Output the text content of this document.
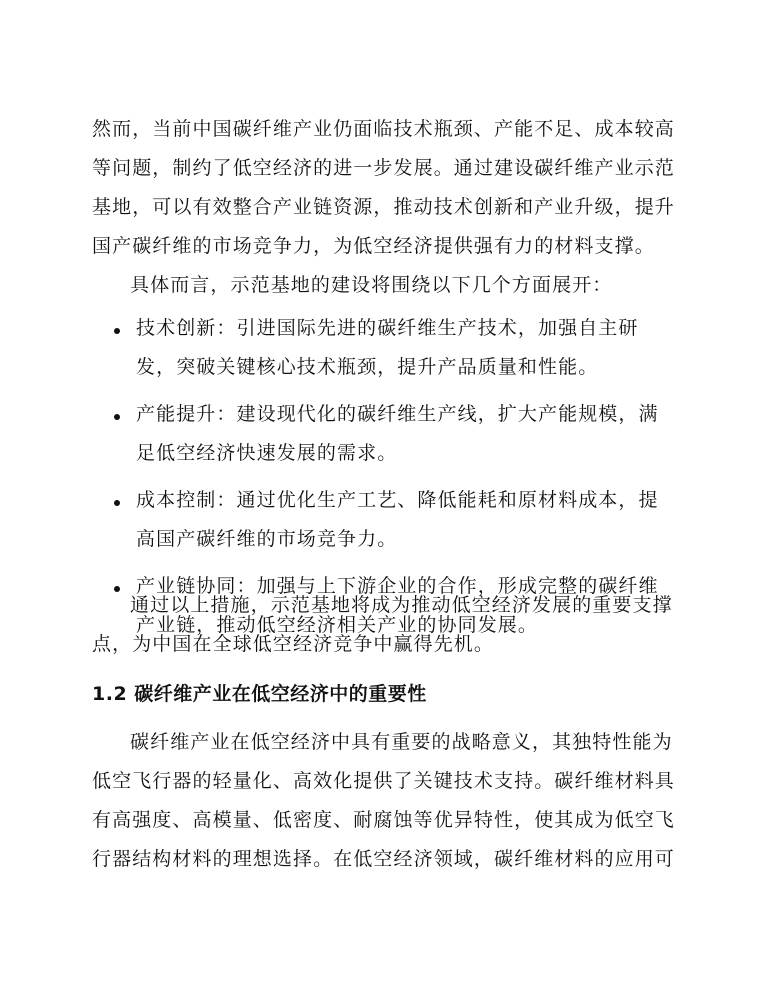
然而，当前中国碳纤维产业仍面临技术瓶颈、产能不足、成本较高等问题，制约了低空经济的进一步发展。通过建设碳纤维产业示范基地，可以有效整合产业链资源，推动技术创新和产业升级，提升国产碳纤维的市场竞争力，为低空经济提供强有力的材料支撑。

具体而言，示范基地的建设将围绕以下几个方面展开：

技术创新：引进国际先进的碳纤维生产技术，加强自主研发，突破关键核心技术瓶颈，提升产品质量和性能。
产能提升：建设现代化的碳纤维生产线，扩大产能规模，满足低空经济快速发展的需求。
成本控制：通过优化生产工艺、降低能耗和原材料成本，提高国产碳纤维的市场竞争力。
产业链协同：加强与上下游企业的合作，形成完整的碳纤维产业链，推动低空经济相关产业的协同发展。

通过以上措施，示范基地将成为推动低空经济发展的重要支撑点，为中国在全球低空经济竞争中赢得先机。

1.2 碳纤维产业在低空经济中的重要性

碳纤维产业在低空经济中具有重要的战略意义，其独特性能为低空飞行器的轻量化、高效化提供了关键技术支持。碳纤维材料具有高强度、高模量、低密度、耐腐蚀等优异特性，使其成为低空飞行器结构材料的理想选择。在低空经济领域，碳纤维材料的应用可
